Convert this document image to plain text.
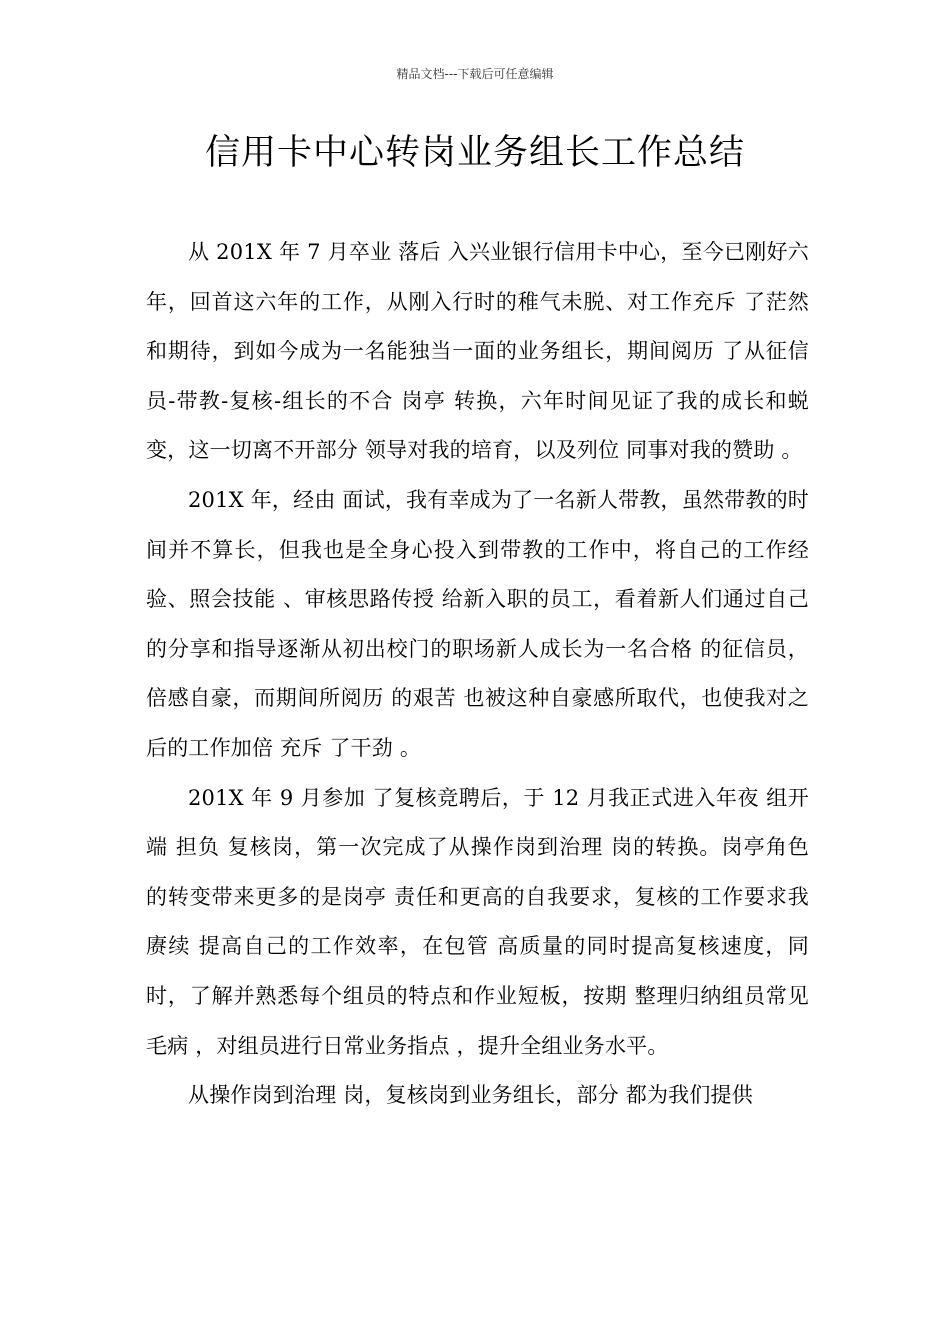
精品文档---下载后可任意编辑
信用卡中心转岗业务组长工作总结

从 201X 年 7 月卒业 落后 入兴业银行信用卡中心，至今已刚好六年，回首这六年的工作，从刚入行时的稚气未脱、对工作充斥 了茫然和期待，到如今成为一名能独当一面的业务组长，期间阅历 了从征信员-带教-复核-组长的不合 岗亭 转换，六年时间见证了我的成长和蜕变，这一切离不开部分 领导对我的培育，以及列位 同事对我的赞助 。

201X 年，经由 面试，我有幸成为了一名新人带教，虽然带教的时间并不算长，但我也是全身心投入到带教的工作中，将自己的工作经验、照会技能 、审核思路传授 给新入职的员工，看着新人们通过自己的分享和指导逐渐从初出校门的职场新人成长为一名合格 的征信员，倍感自豪，而期间所阅历 的艰苦 也被这种自豪感所取代，也使我对之后的工作加倍 充斥 了干劲 。

201X 年 9 月参加 了复核竞聘后，于 12 月我正式进入年夜 组开端 担负 复核岗，第一次完成了从操作岗到治理 岗的转换。岗亭角色 的转变带来更多的是岗亭 责任和更高的自我要求，复核的工作要求我赓续 提高自己的工作效率，在包管 高质量的同时提高复核速度，同时，了解并熟悉每个组员的特点和作业短板，按期 整理归纳组员常见毛病 ，对组员进行日常业务指点 ，提升全组业务水平。

从操作岗到治理 岗，复核岗到业务组长，部分 都为我们提供
